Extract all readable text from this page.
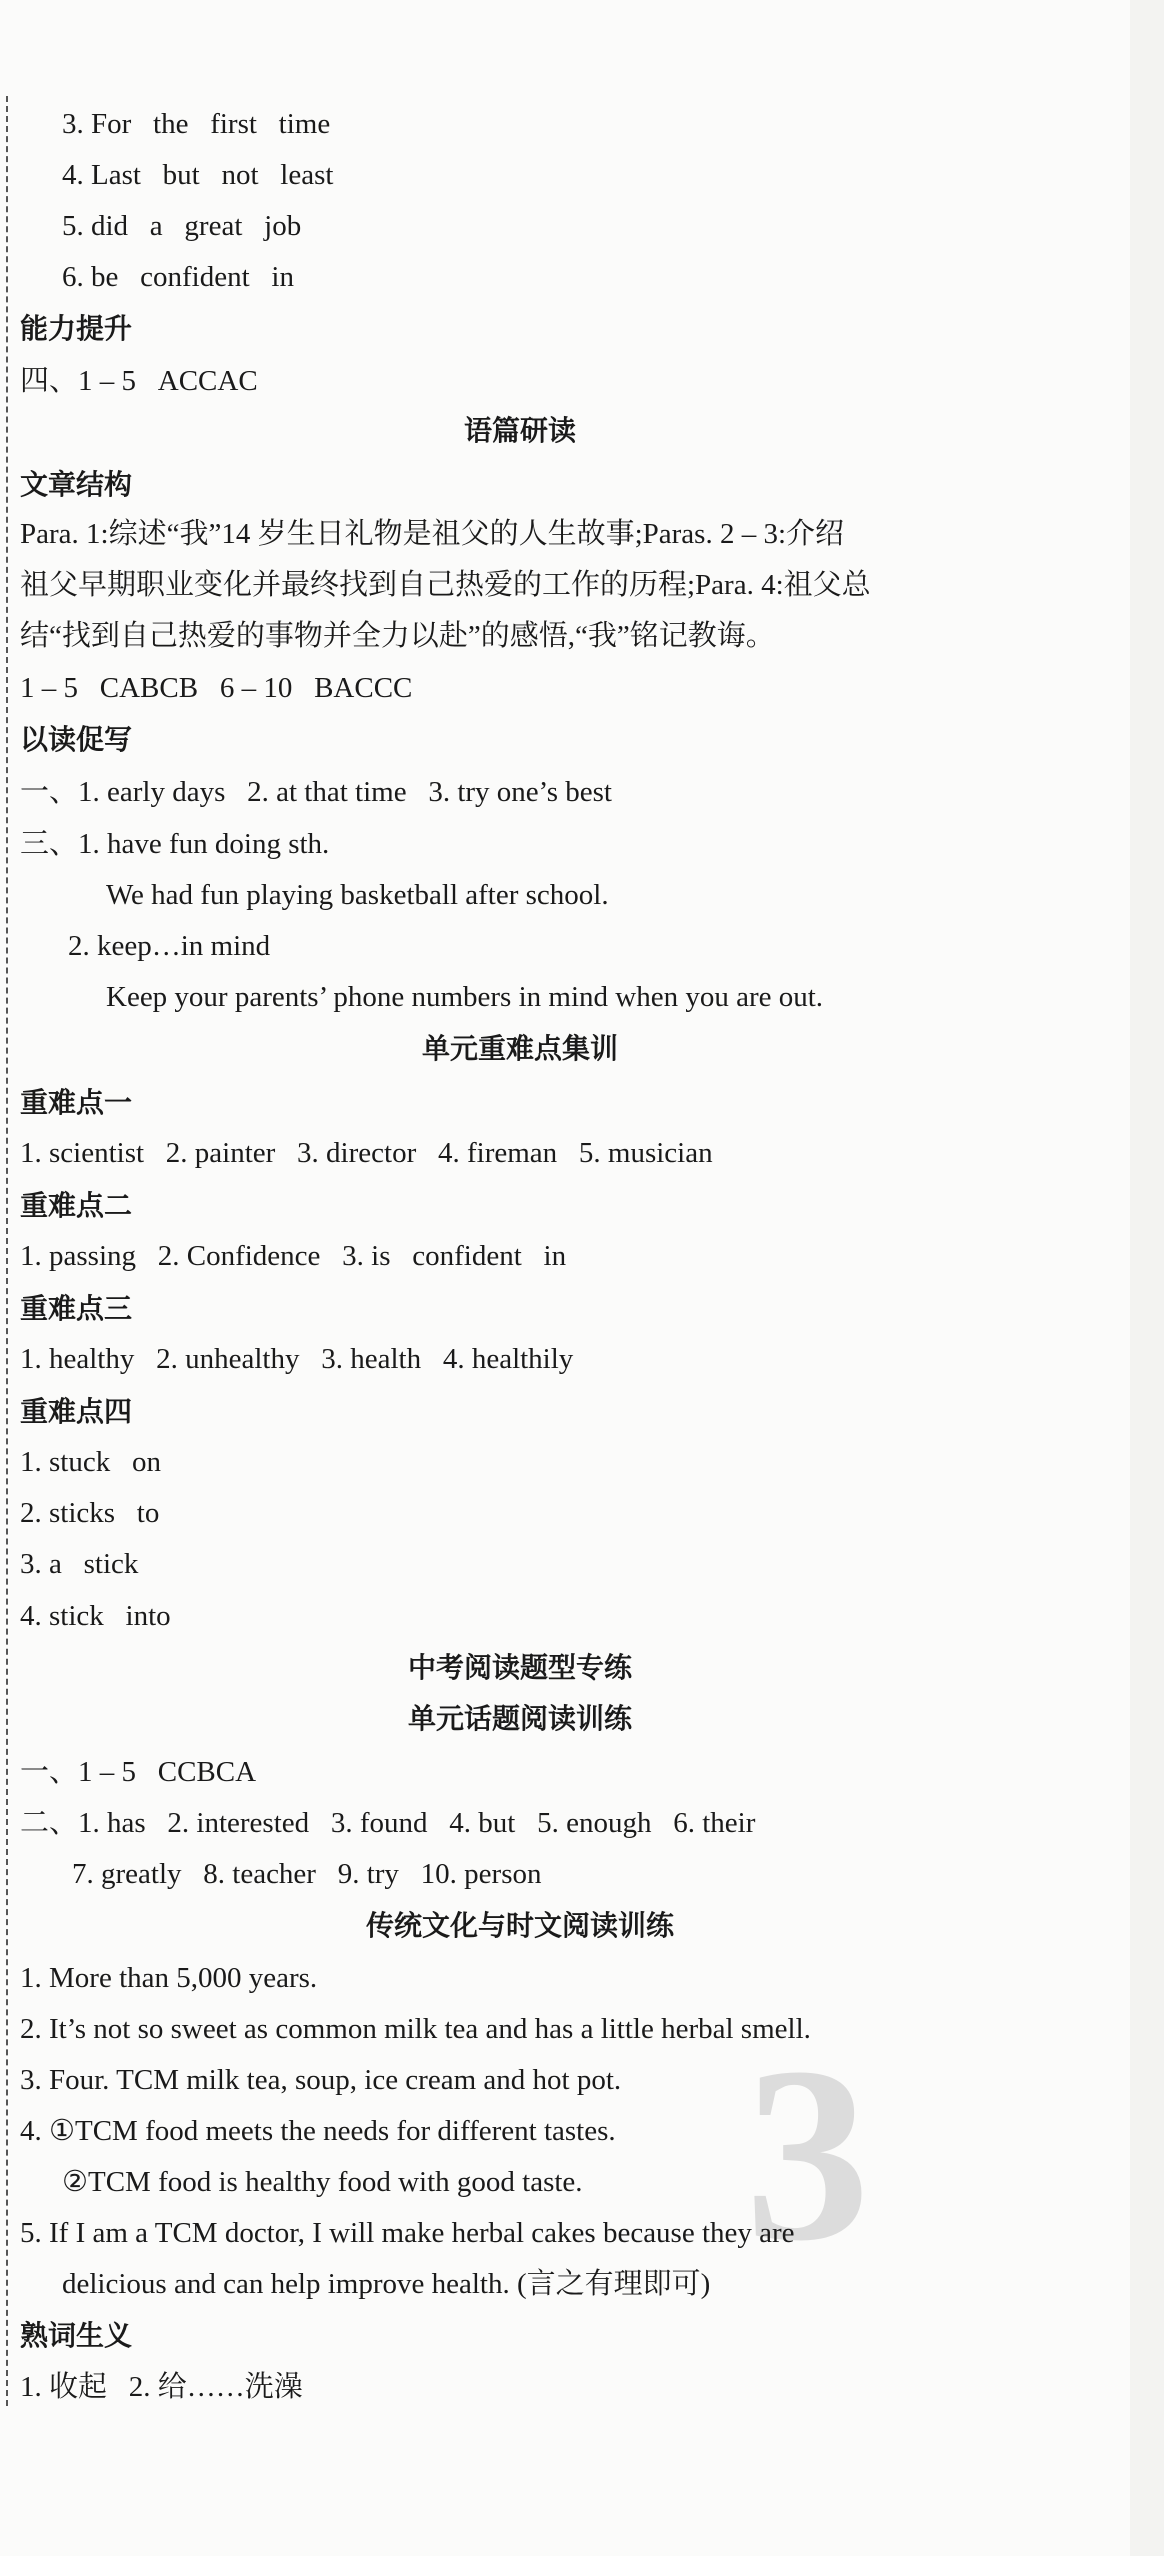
3. For   the   first   time
4. Last   but   not   least
5. did   a   great   job
6. be   confident   in
能力提升
四、1 – 5   ACCAC
语篇研读
文章结构
Para. 1:综述“我”14 岁生日礼物是祖父的人生故事;Paras. 2 – 3:介绍
祖父早期职业变化并最终找到自己热爱的工作的历程;Para. 4:祖父总
结“找到自己热爱的事物并全力以赴”的感悟,“我”铭记教诲。
1 – 5   CABCB   6 – 10   BACCC
以读促写
一、1. early days   2. at that time   3. try one’s best
三、1. have fun doing sth.
We had fun playing basketball after school.
2. keep…in mind
Keep your parents’ phone numbers in mind when you are out.
单元重难点集训
重难点一
1. scientist   2. painter   3. director   4. fireman   5. musician
重难点二
1. passing   2. Confidence   3. is   confident   in
重难点三
1. healthy   2. unhealthy   3. health   4. healthily
重难点四
1. stuck   on
2. sticks   to
3. a   stick
4. stick   into
中考阅读题型专练
单元话题阅读训练
一、1 – 5   CCBCA
二、1. has   2. interested   3. found   4. but   5. enough   6. their
7. greatly   8. teacher   9. try   10. person
传统文化与时文阅读训练
3
1. More than 5,000 years.
2. It’s not so sweet as common milk tea and has a little herbal smell.
3. Four. TCM milk tea, soup, ice cream and hot pot.
4. ①TCM food meets the needs for different tastes.
②TCM food is healthy food with good taste.
5. If I am a TCM doctor, I will make herbal cakes because they are
delicious and can help improve health. (言之有理即可)
熟词生义
1. 收起   2. 给……洗澡
